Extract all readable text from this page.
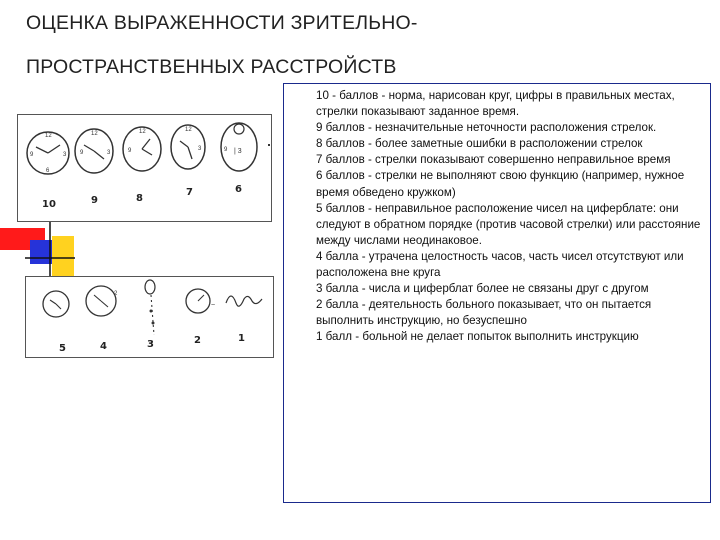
ОЦЕНКА ВЫРАЖЕННОСТИ ЗРИТЕЛЬНО-
ПРОСТРАНСТВЕННЫХ РАССТРОЙСТВ
12
3
6
9
12
3
9
12
9
12
3	| 3
9
10	9	8
7	6
2
~
5	4	3	2	1
10 - баллов - норма, нарисован круг, цифры в правильных местах, стрелки показывают заданное время.
9 баллов - незначительные неточности расположения стрелок.
8 баллов - более заметные ошибки в расположении стрелок
7 баллов - стрелки показывают совершенно неправильное время
6 баллов - стрелки не выполняют свою функцию (например, нужное время обведено кружком)
5 баллов - неправильное расположение чисел на циферблате: они следуют в обратном порядке (против часовой стрелки) или расстояние между числами неодинаковое.
4 балла - утрачена целостность часов, часть чисел отсутствуют или расположена вне круга
3 балла - числа и циферблат более не связаны друг с другом
2 балла - деятельность больного показывает, что он пытается выполнить инструкцию, но безуспешно
1 балл - больной не делает попыток выполнить инструкцию
